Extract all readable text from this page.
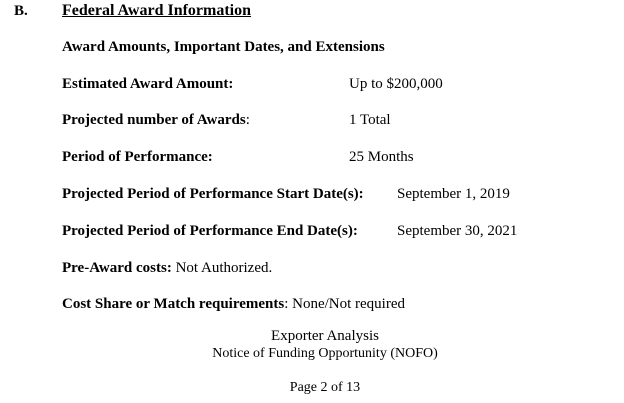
B. Federal Award Information
Award Amounts, Important Dates, and Extensions
Estimated Award Amount:	Up to $200,000
Projected number of Awards:	1 Total
Period of Performance:	25 Months
Projected Period of Performance Start Date(s): September 1, 2019
Projected Period of Performance End Date(s):	September 30, 2021
Pre-Award costs: Not Authorized.
Cost Share or Match requirements: None/Not required
Exporter Analysis
Notice of Funding Opportunity (NOFO)
Page 2 of 13
